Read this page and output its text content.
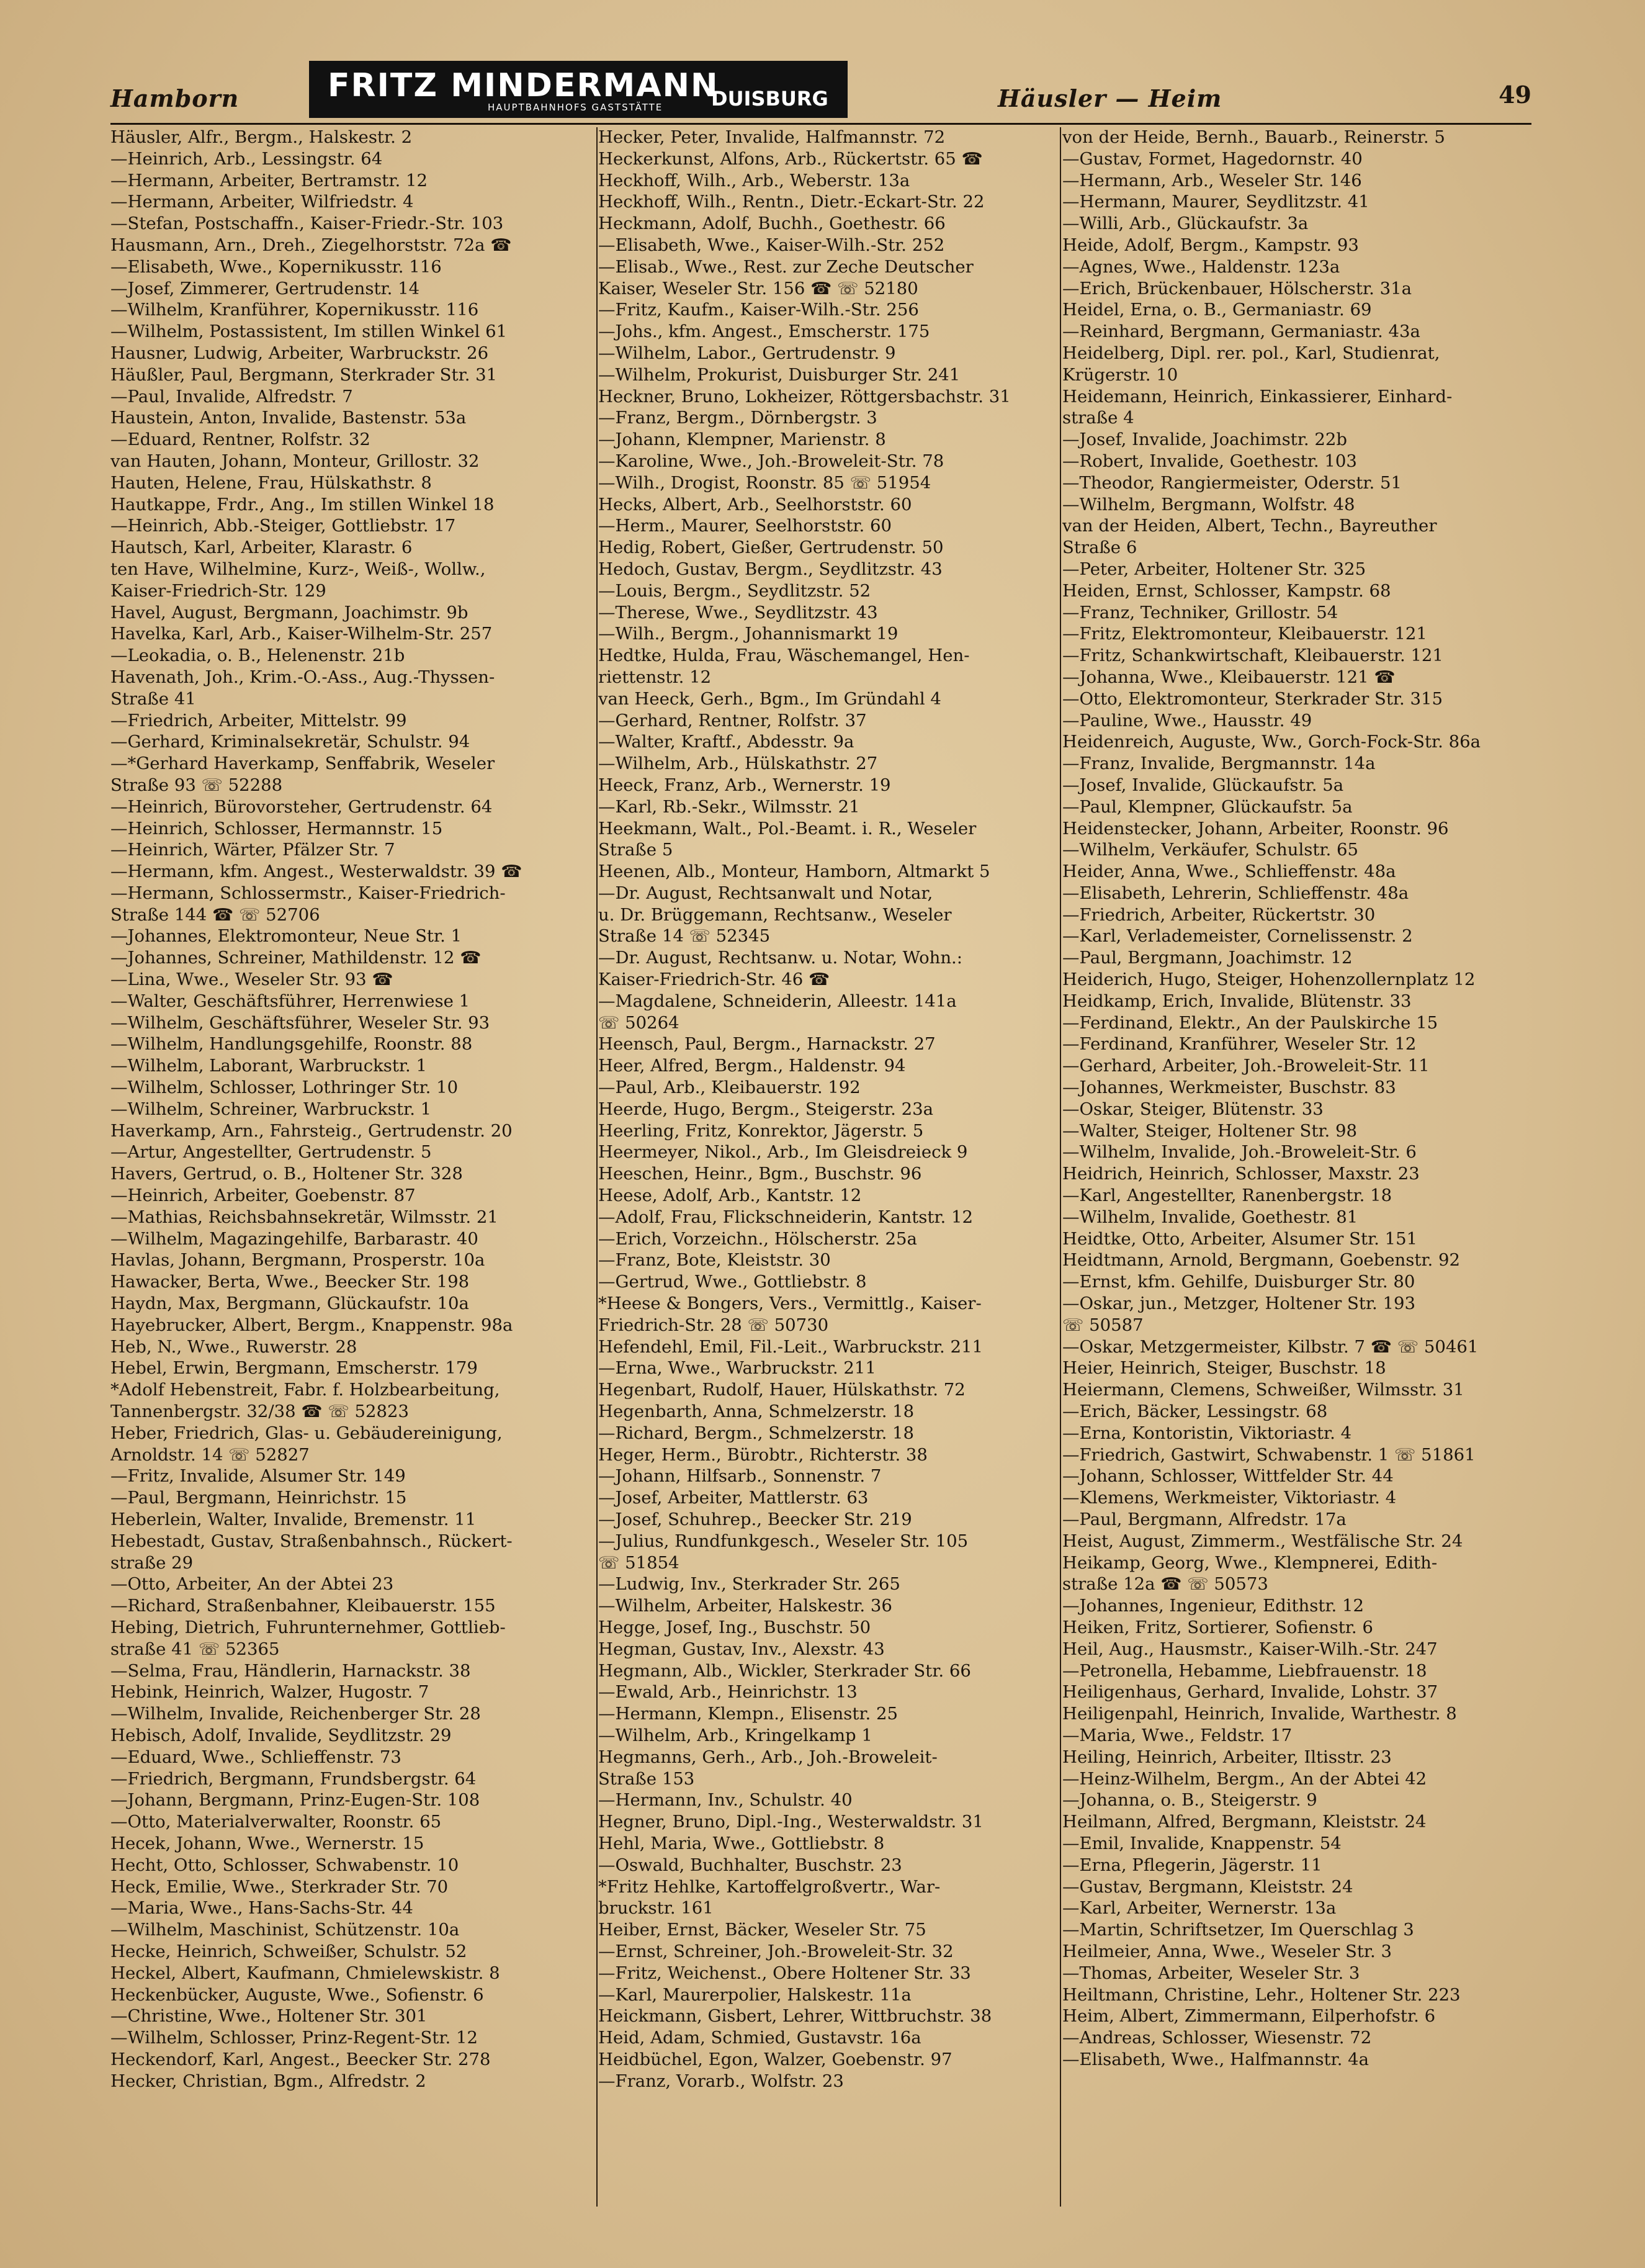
Hamborn	Häusler — Heim	49
FRITZ MINDERMANN
HAUPTBAHNHOFS GASTSTÄTTE DUISBURG
Häusler, Alfr., Bergm., Halskestr. 2
—Heinrich, Arb., Lessingstr. 64
—Hermann, Arbeiter, Bertramstr. 12
—Hermann, Arbeiter, Wilfriedstr. 4
—Stefan, Postschaffn., Kaiser-Friedr.-Str. 103
Hausmann, Arn., Dreh., Ziegelhorststr. 72a ☎
—Elisabeth, Wwe., Kopernikusstr. 116
—Josef, Zimmerer, Gertrudenstr. 14
—Wilhelm, Kranführer, Kopernikusstr. 116
—Wilhelm, Postassistent, Im stillen Winkel 61
Hausner, Ludwig, Arbeiter, Warbruckstr. 26
Häußler, Paul, Bergmann, Sterkrader Str. 31
—Paul, Invalide, Alfredstr. 7
Haustein, Anton, Invalide, Bastenstr. 53a
—Eduard, Rentner, Rolfstr. 32
van Hauten, Johann, Monteur, Grillostr. 32
Hauten, Helene, Frau, Hülskathstr. 8
Hautkappe, Frdr., Ang., Im stillen Winkel 18
—Heinrich, Abb.-Steiger, Gottliebstr. 17
Hautsch, Karl, Arbeiter, Klarastr. 6
ten Have, Wilhelmine, Kurz-, Weiß-, Wollw.,
Kaiser-Friedrich-Str. 129
Havel, August, Bergmann, Joachimstr. 9b
Havelka, Karl, Arb., Kaiser-Wilhelm-Str. 257
—Leokadia, o. B., Helenenstr. 21b
Havenath, Joh., Krim.-O.-Ass., Aug.-Thyssen-
Straße 41
—Friedrich, Arbeiter, Mittelstr. 99
—Gerhard, Kriminalsekretär, Schulstr. 94
—*Gerhard Haverkamp, Senffabrik, Weseler
Straße 93 ☏ 52288
—Heinrich, Bürovorsteher, Gertrudenstr. 64
—Heinrich, Schlosser, Hermannstr. 15
—Heinrich, Wärter, Pfälzer Str. 7
—Hermann, kfm. Angest., Westerwaldstr. 39 ☎
—Hermann, Schlossermstr., Kaiser-Friedrich-
Straße 144 ☎ ☏ 52706
—Johannes, Elektromonteur, Neue Str. 1
—Johannes, Schreiner, Mathildenstr. 12 ☎
—Lina, Wwe., Weseler Str. 93 ☎
—Walter, Geschäftsführer, Herrenwiese 1
—Wilhelm, Geschäftsführer, Weseler Str. 93
—Wilhelm, Handlungsgehilfe, Roonstr. 88
—Wilhelm, Laborant, Warbruckstr. 1
—Wilhelm, Schlosser, Lothringer Str. 10
—Wilhelm, Schreiner, Warbruckstr. 1
Haverkamp, Arn., Fahrsteig., Gertrudenstr. 20
—Artur, Angestellter, Gertrudenstr. 5
Havers, Gertrud, o. B., Holtener Str. 328
—Heinrich, Arbeiter, Goebenstr. 87
—Mathias, Reichsbahnsekretär, Wilmsstr. 21
—Wilhelm, Magazingehilfe, Barbarastr. 40
Havlas, Johann, Bergmann, Prosperstr. 10a
Hawacker, Berta, Wwe., Beecker Str. 198
Haydn, Max, Bergmann, Glückaufstr. 10a
Hayebrucker, Albert, Bergm., Knappenstr. 98a
Heb, N., Wwe., Ruwerstr. 28
Hebel, Erwin, Bergmann, Emscherstr. 179
*Adolf Hebenstreit, Fabr. f. Holzbearbeitung,
Tannenbergstr. 32/38 ☎ ☏ 52823
Heber, Friedrich, Glas- u. Gebäudereinigung,
Arnoldstr. 14 ☏ 52827
—Fritz, Invalide, Alsumer Str. 149
—Paul, Bergmann, Heinrichstr. 15
Heberlein, Walter, Invalide, Bremenstr. 11
Hebestadt, Gustav, Straßenbahnsch., Rückert-
straße 29
—Otto, Arbeiter, An der Abtei 23
—Richard, Straßenbahner, Kleibauerstr. 155
Hebing, Dietrich, Fuhrunternehmer, Gottlieb-
straße 41 ☏ 52365
—Selma, Frau, Händlerin, Harnackstr. 38
Hebink, Heinrich, Walzer, Hugostr. 7
—Wilhelm, Invalide, Reichenberger Str. 28
Hebisch, Adolf, Invalide, Seydlitzstr. 29
—Eduard, Wwe., Schlieffenstr. 73
—Friedrich, Bergmann, Frundsbergstr. 64
—Johann, Bergmann, Prinz-Eugen-Str. 108
—Otto, Materialverwalter, Roonstr. 65
Hecek, Johann, Wwe., Wernerstr. 15
Hecht, Otto, Schlosser, Schwabenstr. 10
Heck, Emilie, Wwe., Sterkrader Str. 70
—Maria, Wwe., Hans-Sachs-Str. 44
—Wilhelm, Maschinist, Schützenstr. 10a
Hecke, Heinrich, Schweißer, Schulstr. 52
Heckel, Albert, Kaufmann, Chmielewskistr. 8
Heckenbücker, Auguste, Wwe., Sofienstr. 6
—Christine, Wwe., Holtener Str. 301
—Wilhelm, Schlosser, Prinz-Regent-Str. 12
Heckendorf, Karl, Angest., Beecker Str. 278
Hecker, Christian, Bgm., Alfredstr. 2
Hecker, Peter, Invalide, Halfmannstr. 72
Heckerkunst, Alfons, Arb., Rückertstr. 65 ☎
Heckhoff, Wilh., Arb., Weberstr. 13a
Heckhoff, Wilh., Rentn., Dietr.-Eckart-Str. 22
Heckmann, Adolf, Buchh., Goethestr. 66
—Elisabeth, Wwe., Kaiser-Wilh.-Str. 252
—Elisab., Wwe., Rest. zur Zeche Deutscher
Kaiser, Weseler Str. 156 ☎ ☏ 52180
—Fritz, Kaufm., Kaiser-Wilh.-Str. 256
—Johs., kfm. Angest., Emscherstr. 175
—Wilhelm, Labor., Gertrudenstr. 9
—Wilhelm, Prokurist, Duisburger Str. 241
Heckner, Bruno, Lokheizer, Röttgersbachstr. 31
—Franz, Bergm., Dörnbergstr. 3
—Johann, Klempner, Marienstr. 8
—Karoline, Wwe., Joh.-Broweleit-Str. 78
—Wilh., Drogist, Roonstr. 85 ☏ 51954
Hecks, Albert, Arb., Seelhorststr. 60
—Herm., Maurer, Seelhorststr. 60
Hedig, Robert, Gießer, Gertrudenstr. 50
Hedoch, Gustav, Bergm., Seydlitzstr. 43
—Louis, Bergm., Seydlitzstr. 52
—Therese, Wwe., Seydlitzstr. 43
—Wilh., Bergm., Johannismarkt 19
Hedtke, Hulda, Frau, Wäschemangel, Hen-
riettenstr. 12
van Heeck, Gerh., Bgm., Im Gründahl 4
—Gerhard, Rentner, Rolfstr. 37
—Walter, Kraftf., Abdesstr. 9a
—Wilhelm, Arb., Hülskathstr. 27
Heeck, Franz, Arb., Wernerstr. 19
—Karl, Rb.-Sekr., Wilmsstr. 21
Heekmann, Walt., Pol.-Beamt. i. R., Weseler
Straße 5
Heenen, Alb., Monteur, Hamborn, Altmarkt 5
—Dr. August, Rechtsanwalt und Notar,
u. Dr. Brüggemann, Rechtsanw., Weseler
Straße 14 ☏ 52345
—Dr. August, Rechtsanw. u. Notar, Wohn.:
Kaiser-Friedrich-Str. 46 ☎
—Magdalene, Schneiderin, Alleestr. 141a
☏ 50264
Heensch, Paul, Bergm., Harnackstr. 27
Heer, Alfred, Bergm., Haldenstr. 94
—Paul, Arb., Kleibauerstr. 192
Heerde, Hugo, Bergm., Steigerstr. 23a
Heerling, Fritz, Konrektor, Jägerstr. 5
Heermeyer, Nikol., Arb., Im Gleisdreieck 9
Heeschen, Heinr., Bgm., Buschstr. 96
Heese, Adolf, Arb., Kantstr. 12
—Adolf, Frau, Flickschneiderin, Kantstr. 12
—Erich, Vorzeichn., Hölscherstr. 25a
—Franz, Bote, Kleiststr. 30
—Gertrud, Wwe., Gottliebstr. 8
*Heese & Bongers, Vers., Vermittlg., Kaiser-
Friedrich-Str. 28 ☏ 50730
Hefendehl, Emil, Fil.-Leit., Warbruckstr. 211
—Erna, Wwe., Warbruckstr. 211
Hegenbart, Rudolf, Hauer, Hülskathstr. 72
Hegenbarth, Anna, Schmelzerstr. 18
—Richard, Bergm., Schmelzerstr. 18
Heger, Herm., Bürobtr., Richterstr. 38
—Johann, Hilfsarb., Sonnenstr. 7
—Josef, Arbeiter, Mattlerstr. 63
—Josef, Schuhrep., Beecker Str. 219
—Julius, Rundfunkgesch., Weseler Str. 105
☏ 51854
—Ludwig, Inv., Sterkrader Str. 265
—Wilhelm, Arbeiter, Halskestr. 36
Hegge, Josef, Ing., Buschstr. 50
Hegman, Gustav, Inv., Alexstr. 43
Hegmann, Alb., Wickler, Sterkrader Str. 66
—Ewald, Arb., Heinrichstr. 13
—Hermann, Klempn., Elisenstr. 25
—Wilhelm, Arb., Kringelkamp 1
Hegmanns, Gerh., Arb., Joh.-Broweleit-
Straße 153
—Hermann, Inv., Schulstr. 40
Hegner, Bruno, Dipl.-Ing., Westerwaldstr. 31
Hehl, Maria, Wwe., Gottliebstr. 8
—Oswald, Buchhalter, Buschstr. 23
*Fritz Hehlke, Kartoffelgroßvertr., War-
bruckstr. 161
Heiber, Ernst, Bäcker, Weseler Str. 75
—Ernst, Schreiner, Joh.-Broweleit-Str. 32
—Fritz, Weichenst., Obere Holtener Str. 33
—Karl, Maurerpolier, Halskestr. 11a
Heickmann, Gisbert, Lehrer, Wittbruchstr. 38
Heid, Adam, Schmied, Gustavstr. 16a
Heidbüchel, Egon, Walzer, Goebenstr. 97
—Franz, Vorarb., Wolfstr. 23
von der Heide, Bernh., Bauarb., Reinerstr. 5
—Gustav, Formet, Hagedornstr. 40
—Hermann, Arb., Weseler Str. 146
—Hermann, Maurer, Seydlitzstr. 41
—Willi, Arb., Glückaufstr. 3a
Heide, Adolf, Bergm., Kampstr. 93
—Agnes, Wwe., Haldenstr. 123a
—Erich, Brückenbauer, Hölscherstr. 31a
Heidel, Erna, o. B., Germaniastr. 69
—Reinhard, Bergmann, Germaniastr. 43a
Heidelberg, Dipl. rer. pol., Karl, Studienrat,
Krügerstr. 10
Heidemann, Heinrich, Einkassierer, Einhard-
straße 4
—Josef, Invalide, Joachimstr. 22b
—Robert, Invalide, Goethestr. 103
—Theodor, Rangiermeister, Oderstr. 51
—Wilhelm, Bergmann, Wolfstr. 48
van der Heiden, Albert, Techn., Bayreuther
Straße 6
—Peter, Arbeiter, Holtener Str. 325
Heiden, Ernst, Schlosser, Kampstr. 68
—Franz, Techniker, Grillostr. 54
—Fritz, Elektromonteur, Kleibauerstr. 121
—Fritz, Schankwirtschaft, Kleibauerstr. 121
—Johanna, Wwe., Kleibauerstr. 121 ☎
—Otto, Elektromonteur, Sterkrader Str. 315
—Pauline, Wwe., Hausstr. 49
Heidenreich, Auguste, Ww., Gorch-Fock-Str. 86a
—Franz, Invalide, Bergmannstr. 14a
—Josef, Invalide, Glückaufstr. 5a
—Paul, Klempner, Glückaufstr. 5a
Heidenstecker, Johann, Arbeiter, Roonstr. 96
—Wilhelm, Verkäufer, Schulstr. 65
Heider, Anna, Wwe., Schlieffenstr. 48a
—Elisabeth, Lehrerin, Schlieffenstr. 48a
—Friedrich, Arbeiter, Rückertstr. 30
—Karl, Verlademeister, Cornelissenstr. 2
—Paul, Bergmann, Joachimstr. 12
Heiderich, Hugo, Steiger, Hohenzollernplatz 12
Heidkamp, Erich, Invalide, Blütenstr. 33
—Ferdinand, Elektr., An der Paulskirche 15
—Ferdinand, Kranführer, Weseler Str. 12
—Gerhard, Arbeiter, Joh.-Broweleit-Str. 11
—Johannes, Werkmeister, Buschstr. 83
—Oskar, Steiger, Blütenstr. 33
—Walter, Steiger, Holtener Str. 98
—Wilhelm, Invalide, Joh.-Broweleit-Str. 6
Heidrich, Heinrich, Schlosser, Maxstr. 23
—Karl, Angestellter, Ranenbergstr. 18
—Wilhelm, Invalide, Goethestr. 81
Heidtke, Otto, Arbeiter, Alsumer Str. 151
Heidtmann, Arnold, Bergmann, Goebenstr. 92
—Ernst, kfm. Gehilfe, Duisburger Str. 80
—Oskar, jun., Metzger, Holtener Str. 193
☏ 50587
—Oskar, Metzgermeister, Kilbstr. 7 ☎ ☏ 50461
Heier, Heinrich, Steiger, Buschstr. 18
Heiermann, Clemens, Schweißer, Wilmsstr. 31
—Erich, Bäcker, Lessingstr. 68
—Erna, Kontoristin, Viktoriastr. 4
—Friedrich, Gastwirt, Schwabenstr. 1 ☏ 51861
—Johann, Schlosser, Wittfelder Str. 44
—Klemens, Werkmeister, Viktoriastr. 4
—Paul, Bergmann, Alfredstr. 17a
Heist, August, Zimmerm., Westfälische Str. 24
Heikamp, Georg, Wwe., Klempnerei, Edith-
straße 12a ☎ ☏ 50573
—Johannes, Ingenieur, Edithstr. 12
Heiken, Fritz, Sortierer, Sofienstr. 6
Heil, Aug., Hausmstr., Kaiser-Wilh.-Str. 247
—Petronella, Hebamme, Liebfrauenstr. 18
Heiligenhaus, Gerhard, Invalide, Lohstr. 37
Heiligenpahl, Heinrich, Invalide, Warthestr. 8
—Maria, Wwe., Feldstr. 17
Heiling, Heinrich, Arbeiter, Iltisstr. 23
—Heinz-Wilhelm, Bergm., An der Abtei 42
—Johanna, o. B., Steigerstr. 9
Heilmann, Alfred, Bergmann, Kleiststr. 24
—Emil, Invalide, Knappenstr. 54
—Erna, Pflegerin, Jägerstr. 11
—Gustav, Bergmann, Kleiststr. 24
—Karl, Arbeiter, Wernerstr. 13a
—Martin, Schriftsetzer, Im Querschlag 3
Heilmeier, Anna, Wwe., Weseler Str. 3
—Thomas, Arbeiter, Weseler Str. 3
Heiltmann, Christine, Lehr., Holtener Str. 223
Heim, Albert, Zimmermann, Eilperhofstr. 6
—Andreas, Schlosser, Wiesenstr. 72
—Elisabeth, Wwe., Halfmannstr. 4a
